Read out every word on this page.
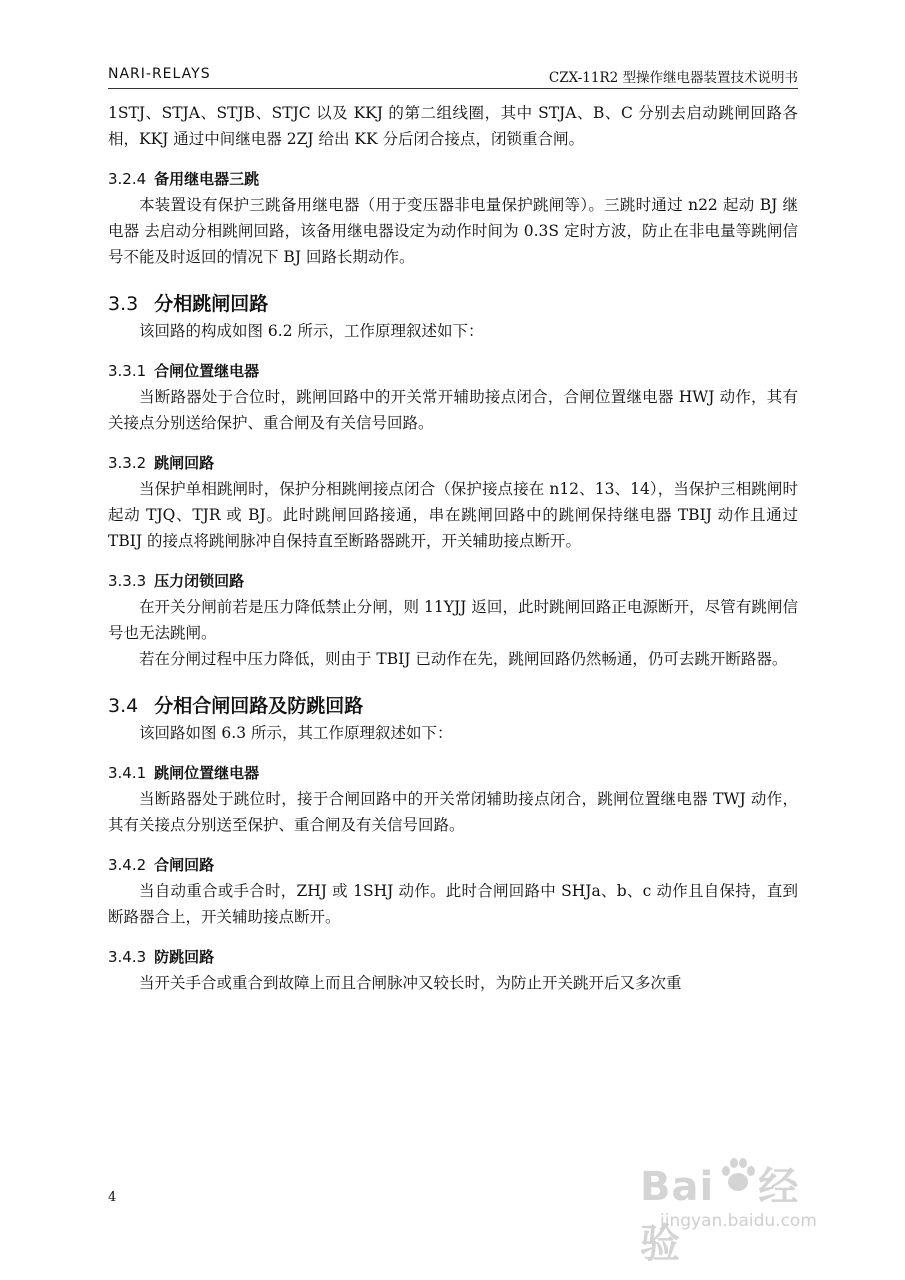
NARI-RELAYS	CZX-11R2 型操作继电器装置技术说明书

1STJ、STJA、STJB、STJC 以及 KKJ 的第二组线圈，其中 STJA、B、C 分别去启动跳闸回路各相，KKJ 通过中间继电器 2ZJ 给出 KK 分后闭合接点，闭锁重合闸。

3.2.4 备用继电器三跳

本装置设有保护三跳备用继电器（用于变压器非电量保护跳闸等）。三跳时通过 n22 起动 BJ 继电器 去启动分相跳闸回路，该备用继电器设定为动作时间为 0.3S 定时方波，防止在非电量等跳闸信号不能及时返回的情况下 BJ 回路长期动作。

3.3 分相跳闸回路

该回路的构成如图 6.2 所示，工作原理叙述如下：

3.3.1 合闸位置继电器

当断路器处于合位时，跳闸回路中的开关常开辅助接点闭合，合闸位置继电器 HWJ 动作，其有关接点分别送给保护、重合闸及有关信号回路。

3.3.2 跳闸回路

当保护单相跳闸时，保护分相跳闸接点闭合（保护接点接在 n12、13、14），当保护三相跳闸时起动 TJQ、TJR 或 BJ。此时跳闸回路接通，串在跳闸回路中的跳闸保持继电器 TBIJ 动作且通过 TBIJ 的接点将跳闸脉冲自保持直至断路器跳开，开关辅助接点断开。

3.3.3 压力闭锁回路

在开关分闸前若是压力降低禁止分闸，则 11YJJ 返回，此时跳闸回路正电源断开，尽管有跳闸信号也无法跳闸。

若在分闸过程中压力降低，则由于 TBIJ 已动作在先，跳闸回路仍然畅通，仍可去跳开断路器。

3.4 分相合闸回路及防跳回路

该回路如图 6.3 所示，其工作原理叙述如下：

3.4.1 跳闸位置继电器

当断路器处于跳位时，接于合闸回路中的开关常闭辅助接点闭合，跳闸位置继电器 TWJ 动作，其有关接点分别送至保护、重合闸及有关信号回路。

3.4.2 合闸回路

当自动重合或手合时，ZHJ 或 1SHJ 动作。此时合闸回路中 SHJa、b、c 动作且自保持，直到断路器合上，开关辅助接点断开。

3.4.3 防跳回路

当开关手合或重合到故障上而且合闸脉冲又较长时，为防止开关跳开后又多次重

4	Bai 经验
jingyan.baidu.com
